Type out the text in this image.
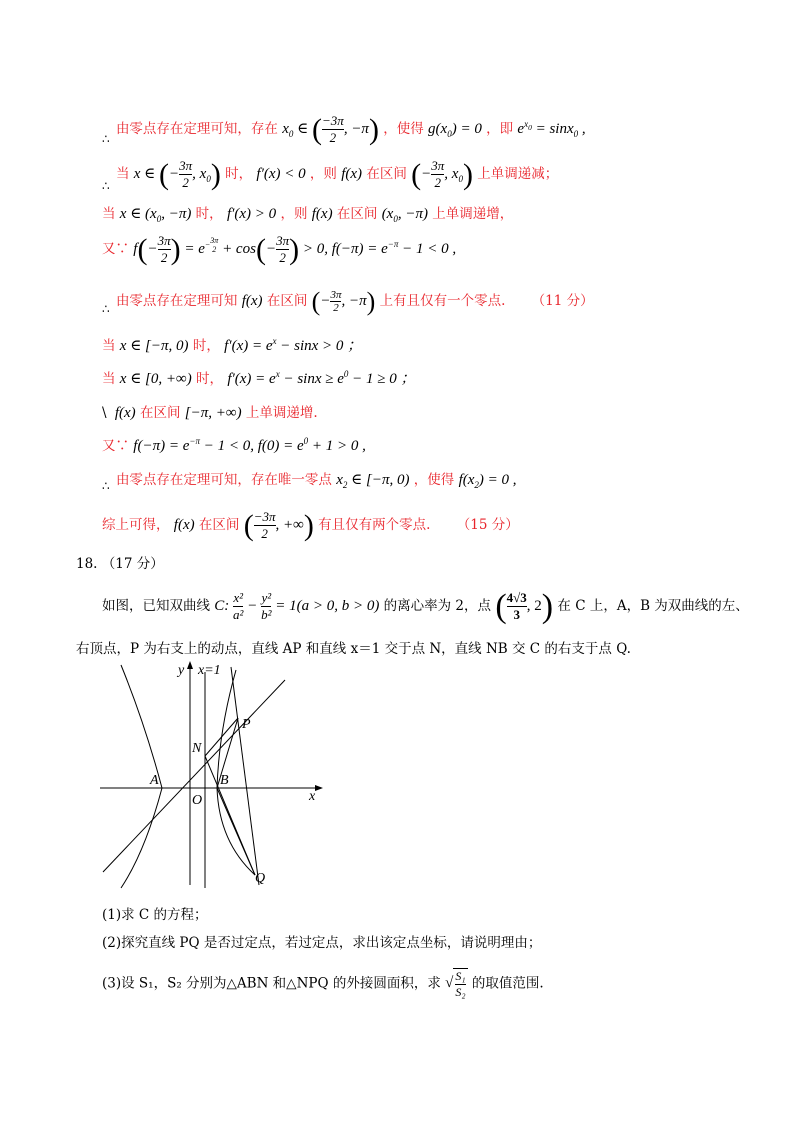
∴ 由零点存在定理可知，存在 $x_0$ ∈ ( $\frac{-3\pi}{2}$ , −π) ，使得 $g(x_0) = 0$ ，即 $e^{x_0} = \sin x_0$ ,
∴ 当 x ∈ (− $\frac{3\pi}{2}$ , $x_0$) 时， f′(x) < 0 ，则 f(x) 在区间 (− $\frac{3\pi}{2}$ , $x_0$) 上单调递减；
当 x ∈ ($x_0$, −π) 时， f′(x) > 0 ，则 f(x) 在区间 ($x_0$, −π) 上单调递增，
又∵ $f(- \frac{3\pi}{2}$ ) = $e^{- 3\pi 2} + \cos(- \frac{3\pi}{2}$ ) > 0, $f(-\pi) = e^{-\pi} - 1 < 0$ ,
∴ 由零点存在定理可知 f(x) 在区间 (− $\frac{3\pi}{2}$ , −π) 上有且仅有一个零点. （11 分）
当 x ∈ [−π, 0) 时， $f'(x) = e^x - \sin x > 0$ ；
当 x ∈ [0, +∞) 时， $f'(x) = e^x - \sin x \ge e^0 - 1 \ge 0$ ；
\ f(x) 在区间 [−π, +∞) 上单调递增.
又∵ $f(-\pi) = e^{-\pi} - 1 < 0$, $f(0) = e^0 + 1 > 0$ ,
∴ 由零点存在定理可知，存在唯一零点 $x_2$ ∈ [−π, 0) ，使得 $f(x_2) = 0$ ,
综上可得， f(x) 在区间 ( $\frac{-3\pi}{2}$ , +∞) 有且仅有两个零点. （15 分）
18. （17 分）
如图，已知双曲线 C: $\frac{\text{x²}}{\text{a²}} - \frac{\text{y²}}{\text{b²}} = 1(a > 0$, b > 0) 的离心率为 2，点 ( $\frac{4√3}{3}$ , 2) 在 C 上，A，B 为双曲线的左、
右顶点，P 为右支上的动点，直线 AP 和直线 x＝1 交于点 N，直线 NB 交 C 的右支于点 Q.
y x=1
x
O
A	B
N
P
Q
(1)求 C 的方程；
(2)探究直线 PQ 是否过定点，若过定点，求出该定点坐标，请说明理由；
(3)设 S₁，S₂ 分别为△ABN 和△NPQ 的外接圆面积，求 √ $\frac{\text{S₁}}{\text{S₂}}$ 的取值范围.
